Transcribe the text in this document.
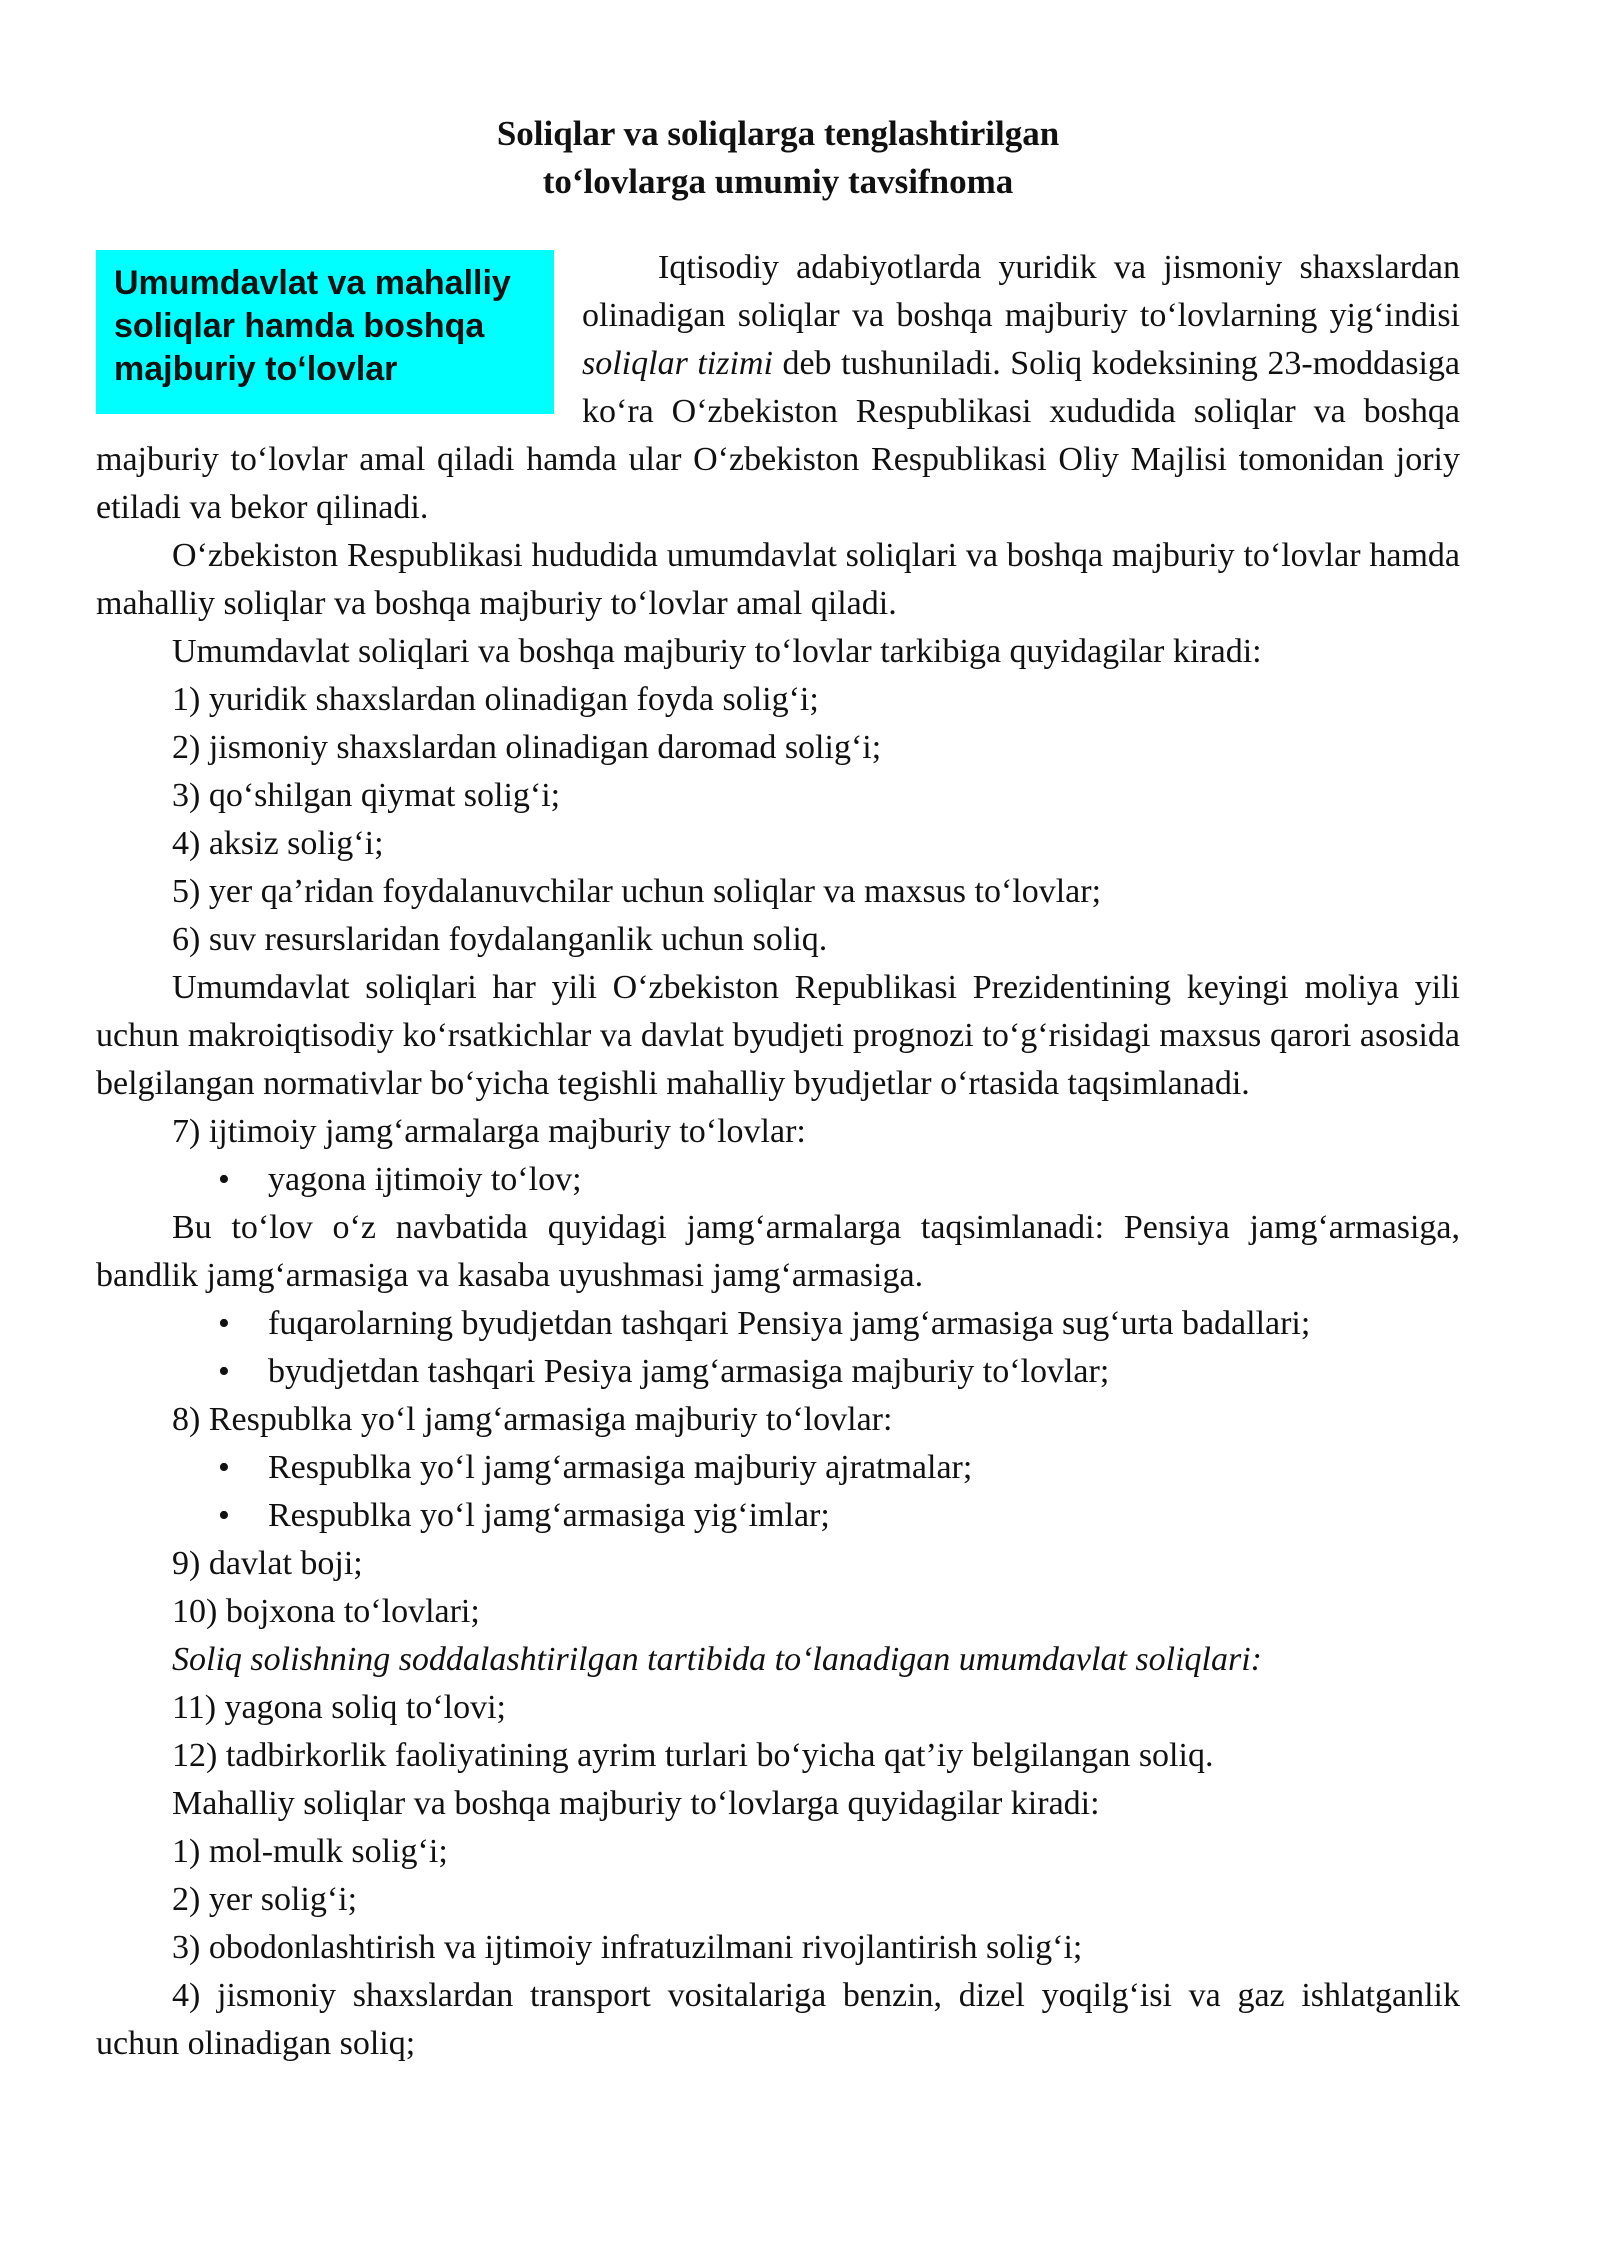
Soliqlar va soliqlarga tenglashtirilgan
to‘lovlarga umumiy tavsifnoma
Umumdavlat va mahalliy soliqlar hamda boshqa majburiy to‘lovlar

Iqtisodiy adabiyotlarda yuridik va jismoniy shaxslardan olinadigan soliqlar va boshqa majburiy to‘lovlarning yig‘indisi soliqlar tizimi deb tushuniladi. Soliq kodeksining 23-moddasiga ko‘ra O‘zbekiston Respublikasi xududida soliqlar va boshqa majburiy to‘lovlar amal qiladi hamda ular O‘zbekiston Respublikasi Oliy Majlisi tomonidan joriy etiladi va bekor qilinadi.

O‘zbekiston Respublikasi hududida umumdavlat soliqlari va boshqa majburiy to‘lovlar hamda mahalliy soliqlar va boshqa majburiy to‘lovlar amal qiladi.

Umumdavlat soliqlari va boshqa majburiy to‘lovlar tarkibiga quyidagilar kiradi:

1) yuridik shaxslardan olinadigan foyda solig‘i;

2) jismoniy shaxslardan olinadigan daromad solig‘i;

3) qo‘shilgan qiymat solig‘i;

4) aksiz solig‘i;

5) yer qa’ridan foydalanuvchilar uchun soliqlar va maxsus to‘lovlar;

6) suv resurslaridan foydalanganlik uchun soliq.

Umumdavlat soliqlari har yili O‘zbekiston Republikasi Prezidentining keyingi moliya yili uchun makroiqtisodiy ko‘rsatkichlar va davlat byudjeti prognozi to‘g‘risidagi maxsus qarori asosida belgilangan normativlar bo‘yicha tegishli mahalliy byudjetlar o‘rtasida taqsimlanadi.

7) ijtimoiy jamg‘armalarga majburiy to‘lovlar:

•	yagona ijtimoiy to‘lov;

Bu to‘lov o‘z navbatida quyidagi jamg‘armalarga taqsimlanadi: Pensiya jamg‘armasiga, bandlik jamg‘armasiga va kasaba uyushmasi jamg‘armasiga.

•	fuqarolarning byudjetdan tashqari Pensiya jamg‘armasiga sug‘urta badallari;

•	byudjetdan tashqari Pesiya jamg‘armasiga majburiy to‘lovlar;

8) Respublka yo‘l jamg‘armasiga majburiy to‘lovlar:

•	Respublka yo‘l jamg‘armasiga majburiy ajratmalar;

•	Respublka yo‘l jamg‘armasiga yig‘imlar;

9) davlat boji;

10) bojxona to‘lovlari;

Soliq solishning soddalashtirilgan tartibida to‘lanadigan umumdavlat soliqlari:

11) yagona soliq to‘lovi;

12) tadbirkorlik faoliyatining ayrim turlari bo‘yicha qat’iy belgilangan soliq.

Mahalliy soliqlar va boshqa majburiy to‘lovlarga quyidagilar kiradi:

1) mol-mulk solig‘i;

2) yer solig‘i;

3) obodonlashtirish va ijtimoiy infratuzilmani rivojlantirish solig‘i;

4) jismoniy shaxslardan transport vositalariga benzin, dizel yoqilg‘isi va gaz ishlatganlik uchun olinadigan soliq;
